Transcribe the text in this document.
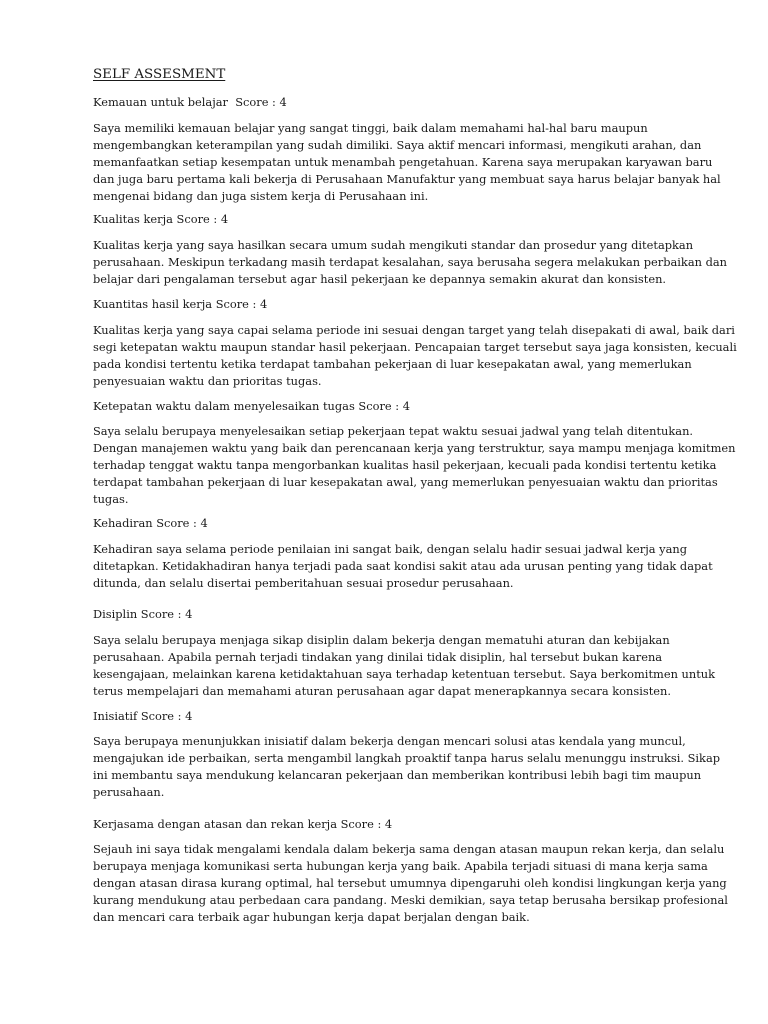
SELF ASSESMENT
Kemauan untuk belajar  Score : 4
Saya memiliki kemauan belajar yang sangat tinggi, baik dalam memahami hal-hal baru maupun
mengembangkan keterampilan yang sudah dimiliki. Saya aktif mencari informasi, mengikuti arahan, dan
memanfaatkan setiap kesempatan untuk menambah pengetahuan. Karena saya merupakan karyawan baru
dan juga baru pertama kali bekerja di Perusahaan Manufaktur yang membuat saya harus belajar banyak hal
mengenai bidang dan juga sistem kerja di Perusahaan ini.
Kualitas kerja Score : 4
Kualitas kerja yang saya hasilkan secara umum sudah mengikuti standar dan prosedur yang ditetapkan
perusahaan. Meskipun terkadang masih terdapat kesalahan, saya berusaha segera melakukan perbaikan dan
belajar dari pengalaman tersebut agar hasil pekerjaan ke depannya semakin akurat dan konsisten.
Kuantitas hasil kerja Score : 4
Kualitas kerja yang saya capai selama periode ini sesuai dengan target yang telah disepakati di awal, baik dari
segi ketepatan waktu maupun standar hasil pekerjaan. Pencapaian target tersebut saya jaga konsisten, kecuali
pada kondisi tertentu ketika terdapat tambahan pekerjaan di luar kesepakatan awal, yang memerlukan
penyesuaian waktu dan prioritas tugas.
Ketepatan waktu dalam menyelesaikan tugas Score : 4
Saya selalu berupaya menyelesaikan setiap pekerjaan tepat waktu sesuai jadwal yang telah ditentukan.
Dengan manajemen waktu yang baik dan perencanaan kerja yang terstruktur, saya mampu menjaga komitmen
terhadap tenggat waktu tanpa mengorbankan kualitas hasil pekerjaan, kecuali pada kondisi tertentu ketika
terdapat tambahan pekerjaan di luar kesepakatan awal, yang memerlukan penyesuaian waktu dan prioritas
tugas.
Kehadiran Score : 4
Kehadiran saya selama periode penilaian ini sangat baik, dengan selalu hadir sesuai jadwal kerja yang
ditetapkan. Ketidakhadiran hanya terjadi pada saat kondisi sakit atau ada urusan penting yang tidak dapat
ditunda, dan selalu disertai pemberitahuan sesuai prosedur perusahaan.
Disiplin Score : 4
Saya selalu berupaya menjaga sikap disiplin dalam bekerja dengan mematuhi aturan dan kebijakan
perusahaan. Apabila pernah terjadi tindakan yang dinilai tidak disiplin, hal tersebut bukan karena
kesengajaan, melainkan karena ketidaktahuan saya terhadap ketentuan tersebut. Saya berkomitmen untuk
terus mempelajari dan memahami aturan perusahaan agar dapat menerapkannya secara konsisten.
Inisiatif Score : 4
Saya berupaya menunjukkan inisiatif dalam bekerja dengan mencari solusi atas kendala yang muncul,
mengajukan ide perbaikan, serta mengambil langkah proaktif tanpa harus selalu menunggu instruksi. Sikap
ini membantu saya mendukung kelancaran pekerjaan dan memberikan kontribusi lebih bagi tim maupun
perusahaan.
Kerjasama dengan atasan dan rekan kerja Score : 4
Sejauh ini saya tidak mengalami kendala dalam bekerja sama dengan atasan maupun rekan kerja, dan selalu
berupaya menjaga komunikasi serta hubungan kerja yang baik. Apabila terjadi situasi di mana kerja sama
dengan atasan dirasa kurang optimal, hal tersebut umumnya dipengaruhi oleh kondisi lingkungan kerja yang
kurang mendukung atau perbedaan cara pandang. Meski demikian, saya tetap berusaha bersikap profesional
dan mencari cara terbaik agar hubungan kerja dapat berjalan dengan baik.
